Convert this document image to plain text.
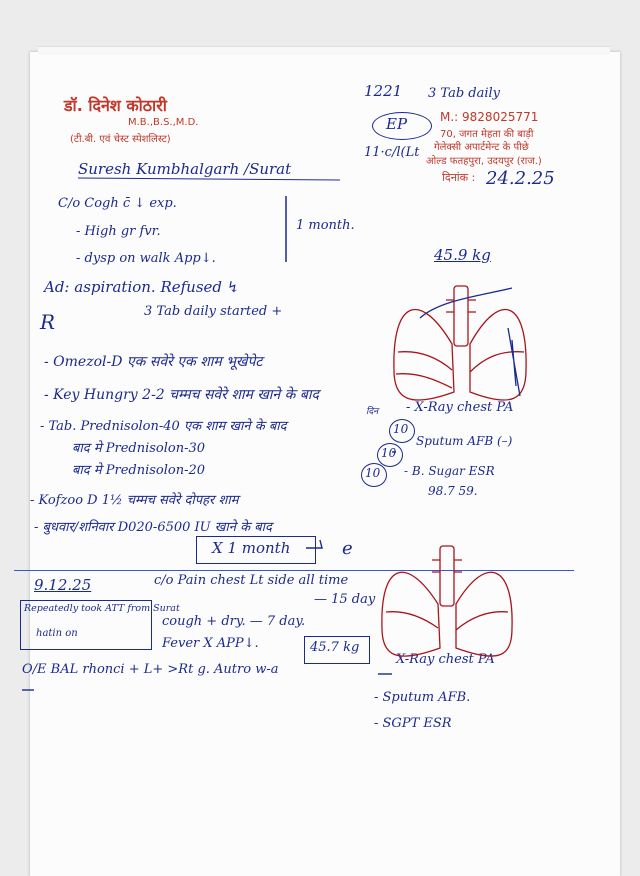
डॉ. दिनेश कोठारी
M.B.,B.S.,M.D.
(टी.बी. एवं चेस्ट स्पेशलिस्ट)
M.: 9828025771
70, जगत मेहता की बाड़ी
गेलेक्सी अपार्टमेन्ट के पीछे
ओल्ड फतहपुरा, उदयपुर (राज.)
दिनांक :
1221 3 Tab daily
EP
11·c/l(Lt
24.2.25
Suresh Kumbhalgarh /Surat
C/o Cogh c̄ ↓ exp.
- High gr fvr.
- dysp on walk App↓.
1 month.
45.9 kg
Ad: aspiration. Refused ↯
R	3 Tab daily started +
- Omezol-D एक सवेरे एक शाम भूखेपेट
- Key Hungry 2-2 चम्मच सवेरे शाम खाने के बाद
- Tab. Prednisolon-40 एक शाम खाने के बाद
बाद मे Prednisolon-30
बाद मे Prednisolon-20
दिन
10
10
10
- Kofzoo D 1½ चम्मच सवेरे दोपहर शाम
- बुधवार/शनिवार D020-6500 IU खाने के बाद
- X-Ray chest PA
Sputum AFB (–)
- B. Sugar ESR
98.7 59.
X 1 month	e
9.12.25	c/o Pain chest Lt side all time
— 15 day
Repeatedly took ATT from Surat
hatin on
cough + dry. — 7 day.
Fever X APP↓.	45.7 kg
O/E BAL rhonci + L+ >Rt g. Autro w-a
X-Ray chest PA
- Sputum AFB.
- SGPT ESR
